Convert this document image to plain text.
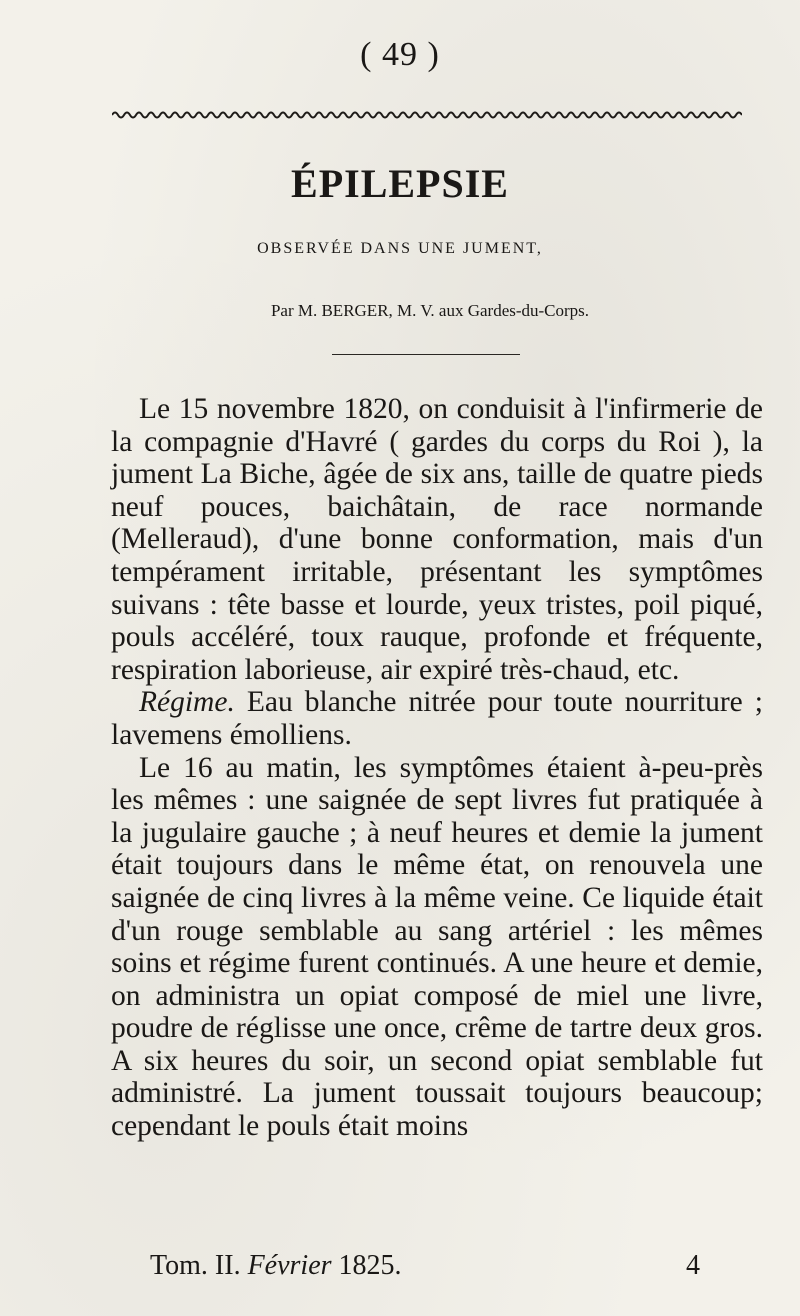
( 49 )
ÉPILEPSIE
OBSERVÉE DANS UNE JUMENT,
Par M. BERGER, M. V. aux Gardes-du-Corps.

Le 15 novembre 1820, on conduisit à l'infirmerie de la compagnie d'Havré ( gardes du corps du Roi ), la jument La Biche, âgée de six ans, taille de quatre pieds neuf pouces, baichâtain, de race normande (Melleraud), d'une bonne conformation, mais d'un tempérament irritable, présentant les symptômes suivans : tête basse et lourde, yeux tristes, poil piqué, pouls accéléré, toux rauque, profonde et fréquente, respiration laborieuse, air expiré très-chaud, etc.

Régime. Eau blanche nitrée pour toute nourriture ; lavemens émolliens.

Le 16 au matin, les symptômes étaient à-peu-près les mêmes : une saignée de sept livres fut pratiquée à la jugulaire gauche ; à neuf heures et demie la jument était toujours dans le même état, on renouvela une saignée de cinq livres à la même veine. Ce liquide était d'un rouge semblable au sang artériel : les mêmes soins et régime furent continués. A une heure et demie, on administra un opiat composé de miel une livre, poudre de réglisse une once, crême de tartre deux gros. A six heures du soir, un second opiat semblable fut administré. La jument toussait toujours beaucoup; cependant le pouls était moins

Tom. II. Février 1825.	4
